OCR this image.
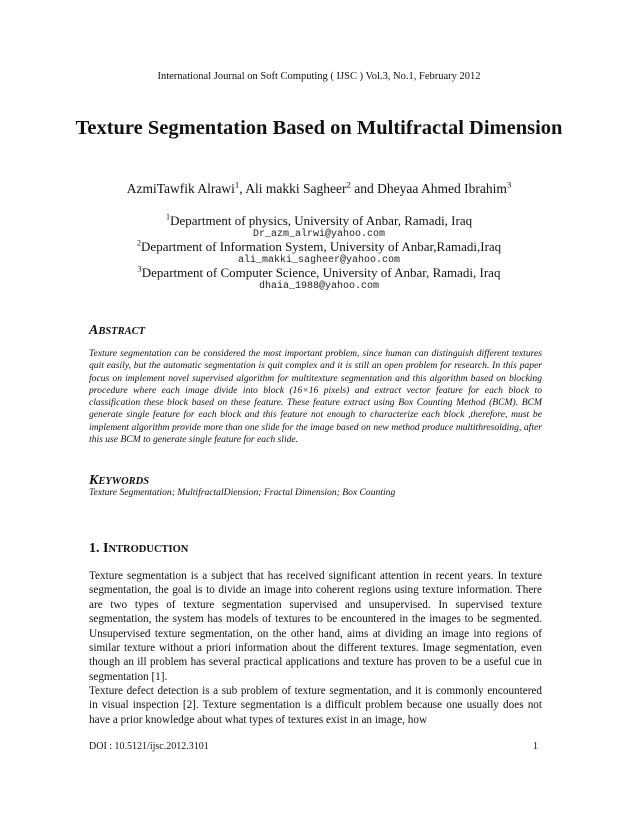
International Journal on Soft Computing ( IJSC ) Vol.3, No.1, February 2012
Texture Segmentation Based on Multifractal Dimension
AzmiTawfik Alrawi$^1$, Ali makki Sagheer$^2$ and Dheyaa Ahmed Ibrahim$^3$
$^1$Department of physics, University of Anbar, Ramadi, Iraq
Dr_azm_alrwi@yahoo.com
$^2$Department of Information System, University of Anbar,Ramadi,Iraq
ali_makki_sagheer@yahoo.com
$^3$Department of Computer Science, University of Anbar, Ramadi, Iraq
dhaia_1988@yahoo.com
ABSTRACT

Texture segmentation can be considered the most important problem, since human can distinguish different textures quit easily, but the automatic segmentation is quit complex and it is still an open problem for research. In this paper focus on implement novel supervised algorithm for multitexture segmentation and this algorithm based on blocking procedure where each image divide into block (16×16 pixels) and extract vector feature for each block to classification these block based on these feature. These feature extract using Box Counting Method (BCM). BCM generate single feature for each block and this feature not enough to characterize each block ,therefore, must be implement algorithm provide more than one slide for the image based on new method produce multithresolding, after this use BCM to generate single feature for each slide.

KEYWORDS

Texture Segmentation; MultifractalDiension; Fractal Dimension; Box Counting

1. INTRODUCTION

Texture segmentation is a subject that has received significant attention in recent years. In texture segmentation, the goal is to divide an image into coherent regions using texture information. There are two types of texture segmentation supervised and unsupervised. In supervised texture segmentation, the system has models of textures to be encountered in the images to be segmented. Unsupervised texture segmentation, on the other hand, aims at dividing an image into regions of similar texture without a priori information about the different textures. Image segmentation, even though an ill problem has several practical applications and texture has proven to be a useful cue in segmentation [1].

Texture defect detection is a sub problem of texture segmentation, and it is commonly encountered in visual inspection [2]. Texture segmentation is a difficult problem because one usually does not have a prior knowledge about what types of textures exist in an image, how

DOI : 10.5121/ijsc.2012.3101	1
